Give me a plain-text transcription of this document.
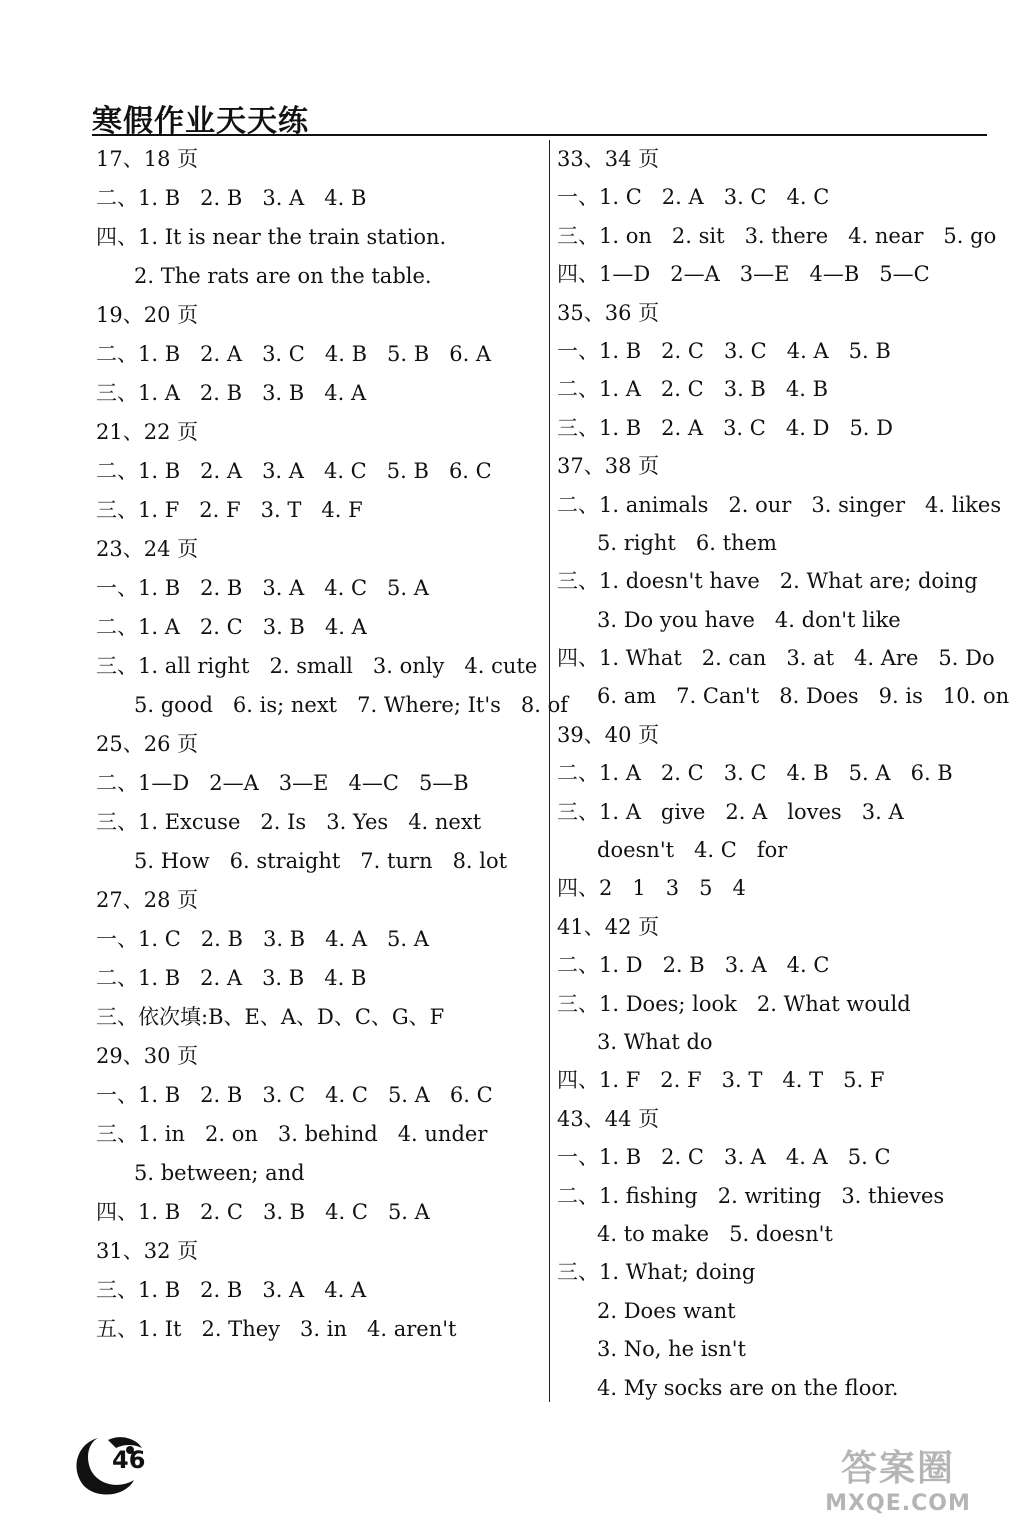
寒假作业天天练
17、18 页
二、1. B   2. B   3. A   4. B
四、1. It is near the train station.
2. The rats are on the table.
19、20 页
二、1. B   2. A   3. C   4. B   5. B   6. A
三、1. A   2. B   3. B   4. A
21、22 页
二、1. B   2. A   3. A   4. C   5. B   6. C
三、1. F   2. F   3. T   4. F
23、24 页
一、1. B   2. B   3. A   4. C   5. A
二、1. A   2. C   3. B   4. A
三、1. all right   2. small   3. only   4. cute
5. good   6. is; next   7. Where; It's   8. of
25、26 页
二、1—D   2—A   3—E   4—C   5—B
三、1. Excuse   2. Is   3. Yes   4. next
5. How   6. straight   7. turn   8. lot
27、28 页
一、1. C   2. B   3. B   4. A   5. A
二、1. B   2. A   3. B   4. B
三、依次填:B、E、A、D、C、G、F
29、30 页
一、1. B   2. B   3. C   4. C   5. A   6. C
三、1. in   2. on   3. behind   4. under
5. between; and
四、1. B   2. C   3. B   4. C   5. A
31、32 页
三、1. B   2. B   3. A   4. A
五、1. It   2. They   3. in   4. aren't
33、34 页
一、1. C   2. A   3. C   4. C
三、1. on   2. sit   3. there   4. near   5. go
四、1—D   2—A   3—E   4—B   5—C
35、36 页
一、1. B   2. C   3. C   4. A   5. B
二、1. A   2. C   3. B   4. B
三、1. B   2. A   3. C   4. D   5. D
37、38 页
二、1. animals   2. our   3. singer   4. likes
5. right   6. them
三、1. doesn't have   2. What are; doing
3. Do you have   4. don't like
四、1. What   2. can   3. at   4. Are   5. Do
6. am   7. Can't   8. Does   9. is   10. on
39、40 页
二、1. A   2. C   3. C   4. B   5. A   6. B
三、1. A   give   2. A   loves   3. A
doesn't   4. C   for
四、2   1   3   5   4
41、42 页
二、1. D   2. B   3. A   4. C
三、1. Does; look   2. What would
3. What do
四、1. F   2. F   3. T   4. T   5. F
43、44 页
一、1. B   2. C   3. A   4. A   5. C
二、1. fishing   2. writing   3. thieves
4. to make   5. doesn't
三、1. What; doing
2. Does want
3. No, he isn't
4. My socks are on the floor.
46	答案圈
MXQE.COM
